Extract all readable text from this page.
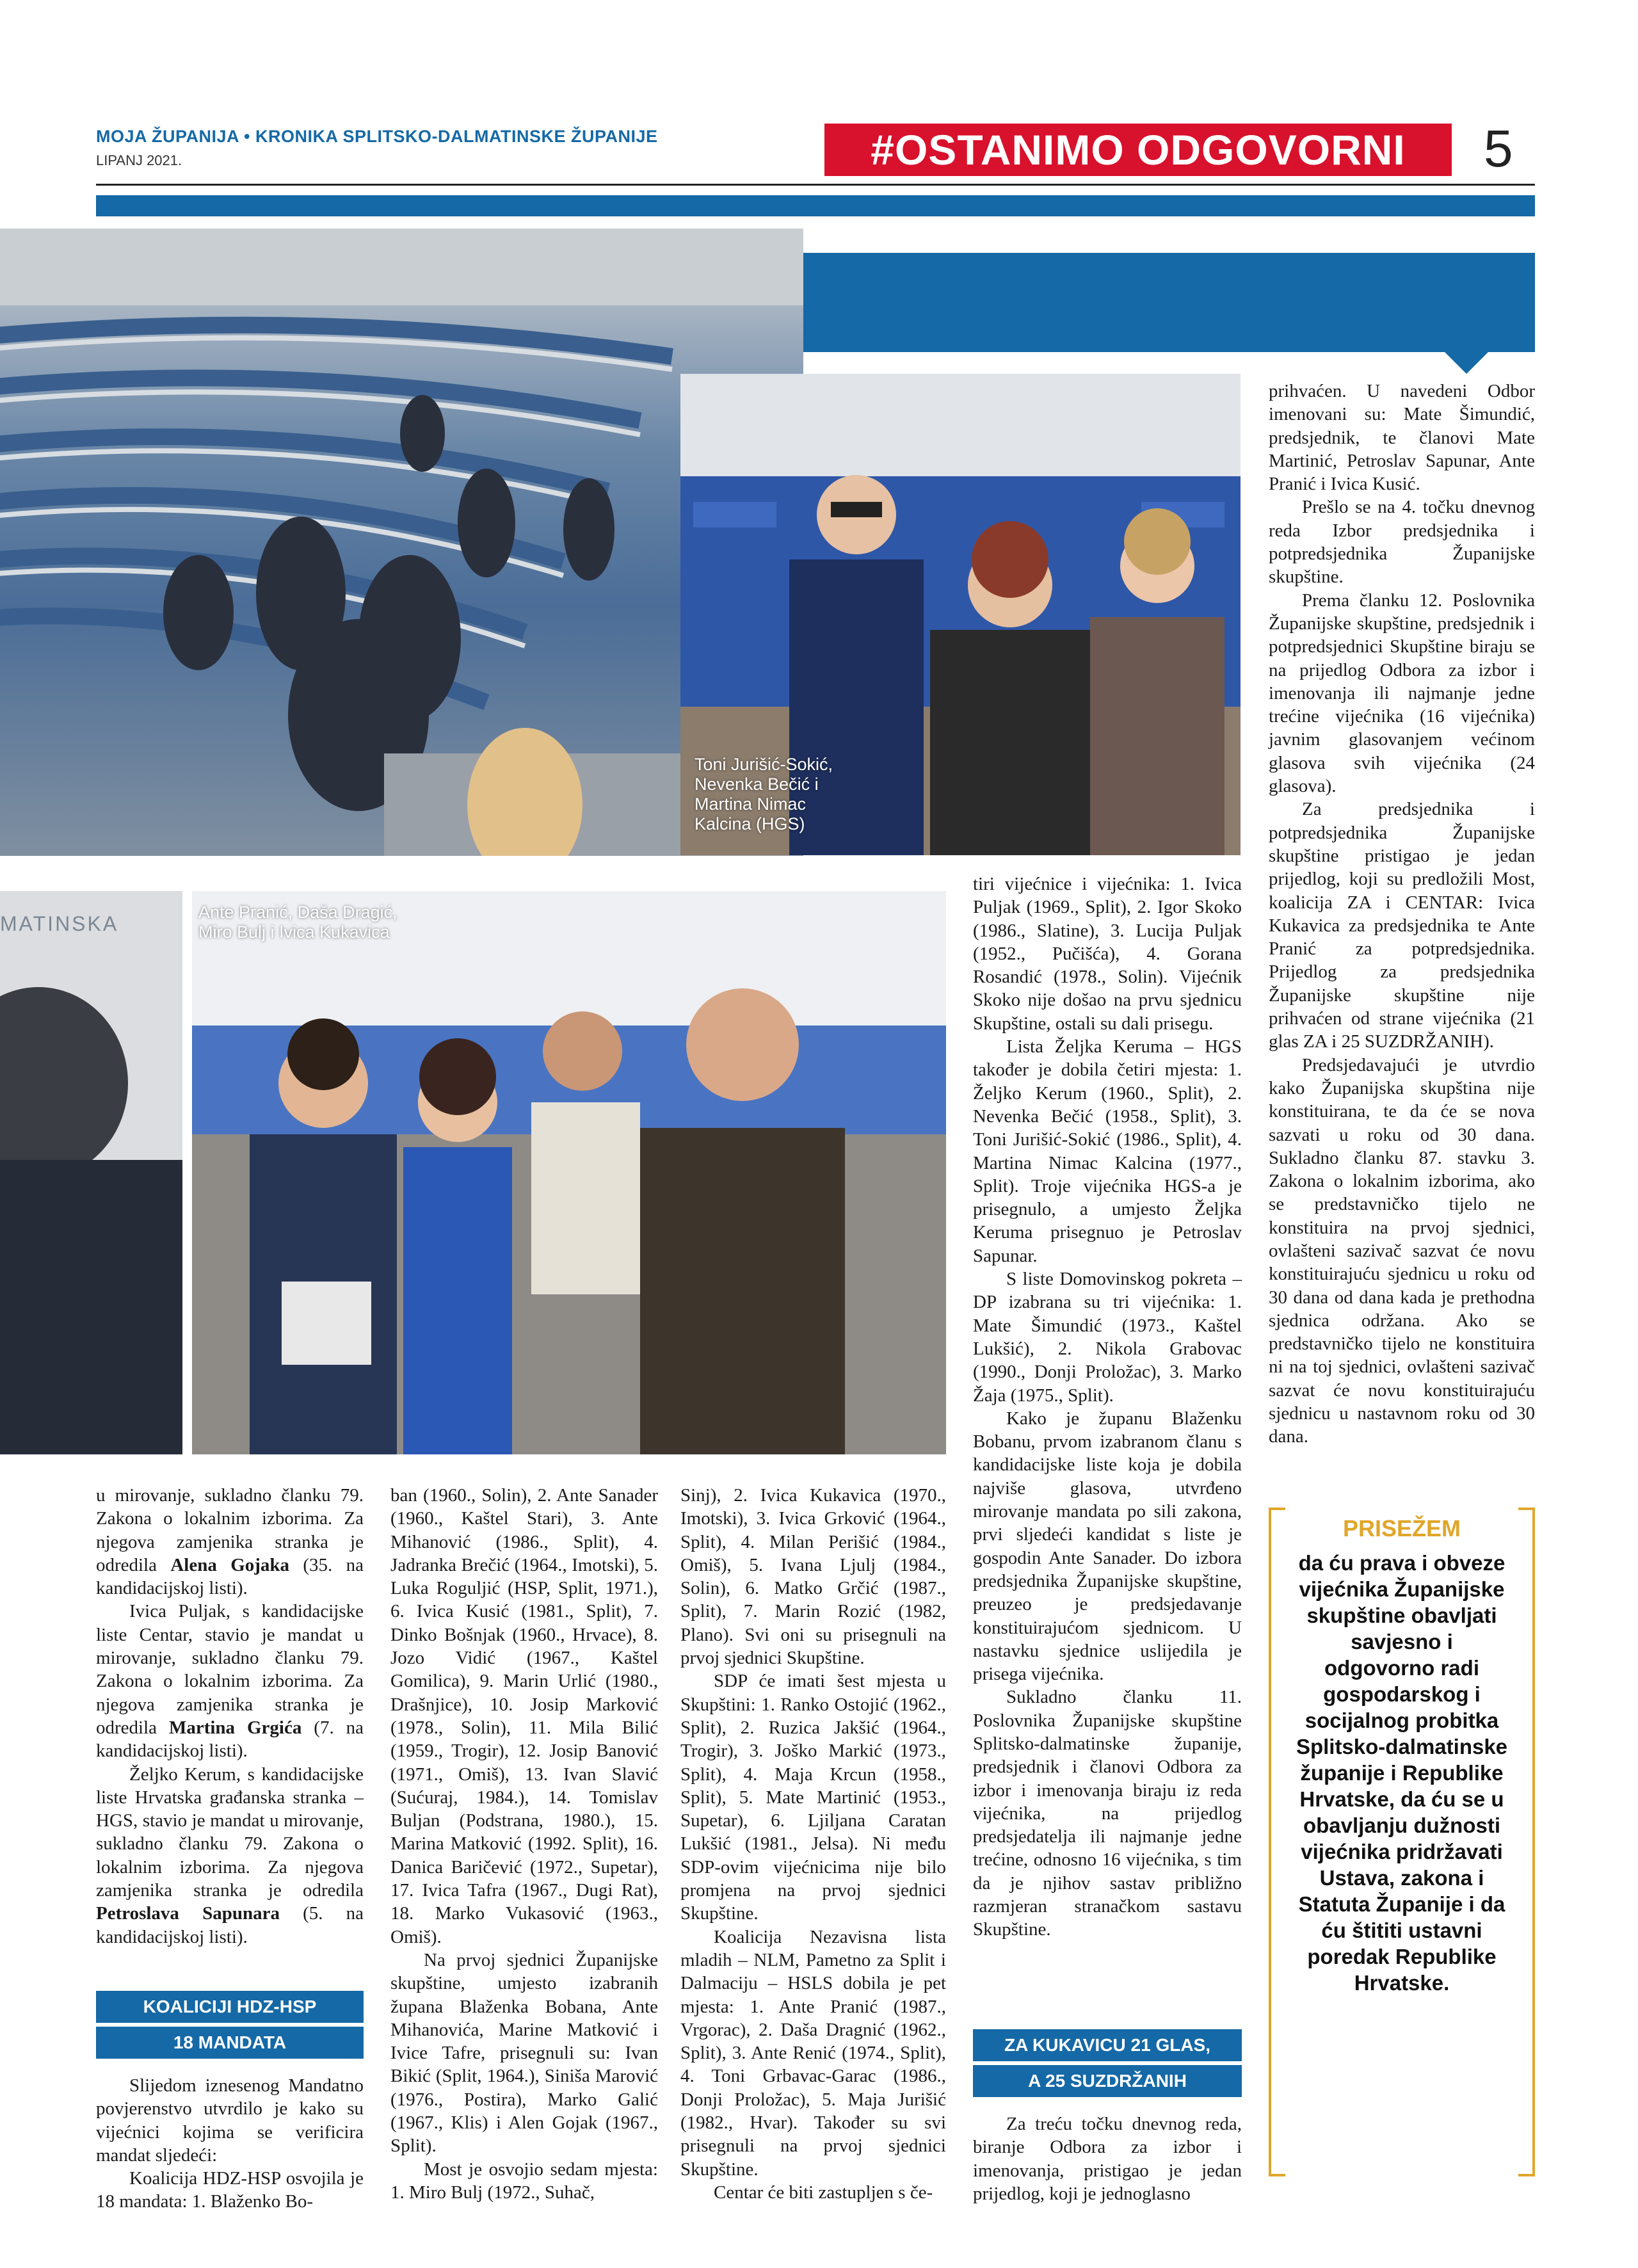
MOJA ŽUPANIJA • KRONIKA SPLITSKO-DALMATINSKE ŽUPANIJE
LIPANJ 2021.	#OSTANIMO ODGOVORNI	5
Toni Jurišić-Sokić, Nevenka Bečić i Martina Nimac Kalcina (HGS)
MATINSKA	Ante Pranić, Daša Dragić, Miro Bulj i Ivica Kukavica

u mirovanje, sukladno članku 79. Zakona o lokalnim izborima. Za njegova zamjenika stranka je odredila Alena Gojaka (35. na kandidacijskoj listi).

Ivica Puljak, s kandidacijske liste Centar, stavio je mandat u mirovanje, sukladno članku 79. Zakona o lokalnim izborima. Za njegova zamjenika stranka je odredila Martina Grgića (7. na kandidacijskoj listi).

Željko Kerum, s kandidacijske liste Hrvatska građanska stranka – HGS, stavio je mandat u mirovanje, sukladno članku 79. Zakona o lokalnim izborima. Za njegova zamjenika stranka je odredila Petroslava Sapunara (5. na kandidacijskoj listi).

KOALICIJI HDZ-HSP
18 MANDATA

Slijedom iznesenog Mandatno povjerenstvo utvrdilo je kako su vijećnici kojima se verificira mandat sljedeći:

Koalicija HDZ-HSP osvojila je 18 mandata: 1. Blaženko Bo-

ban (1960., Solin), 2. Ante Sanader (1960., Kaštel Stari), 3. Ante Mihanović (1986., Split), 4. Jadranka Brečić (1964., Imotski), 5. Luka Roguljić (HSP, Split, 1971.), 6. Ivica Kusić (1981., Split), 7. Dinko Bošnjak (1960., Hrvace), 8. Jozo Vidić (1967., Kaštel Gomilica), 9. Marin Urlić (1980., Drašnjice), 10. Josip Marković (1978., Solin), 11. Mila Bilić (1959., Trogir), 12. Josip Banović (1971., Omiš), 13. Ivan Slavić (Sućuraj, 1984.), 14. Tomislav Buljan (Podstrana, 1980.), 15. Marina Matković (1992. Split), 16. Danica Baričević (1972., Supetar), 17. Ivica Tafra (1967., Dugi Rat), 18. Marko Vukasović (1963., Omiš).

Na prvoj sjednici Županijske skupštine, umjesto izabranih župana Blaženka Bobana, Ante Mihanovića, Marine Matković i Ivice Tafre, prisegnuli su: Ivan Bikić (Split, 1964.), Siniša Marović (1976., Postira), Marko Galić (1967., Klis) i Alen Gojak (1967., Split).

Most je osvojio sedam mjesta: 1. Miro Bulj (1972., Suhač,

Sinj), 2. Ivica Kukavica (1970., Imotski), 3. Ivica Grković (1964., Split), 4. Milan Perišić (1984., Omiš), 5. Ivana Ljulj (1984., Solin), 6. Matko Grčić (1987., Split), 7. Marin Rozić (1982, Plano). Svi oni su prisegnuli na prvoj sjednici Skupštine.

SDP će imati šest mjesta u Skupštini: 1. Ranko Ostojić (1962., Split), 2. Ruzica Jakšić (1964., Trogir), 3. Joško Markić (1973., Split), 4. Maja Krcun (1958., Split), 5. Mate Martinić (1953., Supetar), 6. Ljiljana Caratan Lukšić (1981., Jelsa). Ni među SDP-ovim vijećnicima nije bilo promjena na prvoj sjednici Skupštine.

Koalicija Nezavisna lista mladih – NLM, Pametno za Split i Dalmaciju – HSLS dobila je pet mjesta: 1. Ante Pranić (1987., Vrgorac), 2. Daša Dragnić (1962., Split), 3. Ante Renić (1974., Split), 4. Toni Grbavac-Garac (1986., Donji Proložac), 5. Maja Jurišić (1982., Hvar). Također su svi prisegnuli na prvoj sjednici Skupštine.

Centar će biti zastupljen s če-

tiri vijećnice i vijećnika: 1. Ivica Puljak (1969., Split), 2. Igor Skoko (1986., Slatine), 3. Lucija Puljak (1952., Pučišća), 4. Gorana Rosandić (1978., Solin). Vijećnik Skoko nije došao na prvu sjednicu Skupštine, ostali su dali prisegu.

Lista Željka Keruma – HGS također je dobila četiri mjesta: 1. Željko Kerum (1960., Split), 2. Nevenka Bečić (1958., Split), 3. Toni Jurišić-Sokić (1986., Split), 4. Martina Nimac Kalcina (1977., Split). Troje vijećnika HGS-a je prisegnulo, a umjesto Željka Keruma prisegnuo je Petroslav Sapunar.

S liste Domovinskog pokreta – DP izabrana su tri vijećnika: 1. Mate Šimundić (1973., Kaštel Lukšić), 2. Nikola Grabovac (1990., Donji Proložac), 3. Marko Žaja (1975., Split).

Kako je županu Blaženku Bobanu, prvom izabranom članu s kandidacijske liste koja je dobila najviše glasova, utvrđeno mirovanje mandata po sili zakona, prvi sljedeći kandidat s liste je gospodin Ante Sanader. Do izbora predsjednika Županijske skupštine, preuzeo je predsjedavanje konstituirajućom sjednicom. U nastavku sjednice uslijedila je prisega vijećnika.

Sukladno članku 11. Poslovnika Županijske skupštine Splitsko-dalmatinske županije, predsjednik i članovi Odbora za izbor i imenovanja biraju iz reda vijećnika, na prijedlog predsjedatelja ili najmanje jedne trećine, odnosno 16 vijećnika, s tim da je njihov sastav približno razmjeran stranačkom sastavu Skupštine.

ZA KUKAVICU 21 GLAS,
A 25 SUZDRŽANIH

Za treću točku dnevnog reda, biranje Odbora za izbor i imenovanja, pristigao je jedan prijedlog, koji je jednoglasno

prihvaćen. U navedeni Odbor imenovani su: Mate Šimundić, predsjednik, te članovi Mate Martinić, Petroslav Sapunar, Ante Pranić i Ivica Kusić.

Prešlo se na 4. točku dnevnog reda Izbor predsjednika i potpredsjednika Županijske skupštine.

Prema članku 12. Poslovnika Županijske skupštine, predsjednik i potpredsjednici Skupštine biraju se na prijedlog Odbora za izbor i imenovanja ili najmanje jedne trećine vijećnika (16 vijećnika) javnim glasovanjem većinom glasova svih vijećnika (24 glasova).

Za predsjednika i potpredsjednika Županijske skupštine pristigao je jedan prijedlog, koji su predložili Most, koalicija ZA i CENTAR: Ivica Kukavica za predsjednika te Ante Pranić za potpredsjednika. Prijedlog za predsjednika Županijske skupštine nije prihvaćen od strane vijećnika (21 glas ZA i 25 SUZDRŽANIH).

Predsjedavajući je utvrdio kako Županijska skupština nije konstituirana, te da će se nova sazvati u roku od 30 dana. Sukladno članku 87. stavku 3. Zakona o lokalnim izborima, ako se predstavničko tijelo ne konstituira na prvoj sjednici, ovlašteni sazivač sazvat će novu konstituirajuću sjednicu u roku od 30 dana od dana kada je prethodna sjednica održana. Ako se predstavničko tijelo ne konstituira ni na toj sjednici, ovlašteni sazivač sazvat će novu konstituirajuću sjednicu u nastavnom roku od 30 dana.

PRISEŽEM
da ću prava i obveze vijećnika Županijske skupštine obavljati savjesno i odgovorno radi gospodarskog i socijalnog probitka Splitsko-dalmatinske županije i Republike Hrvatske, da ću se u obavljanju dužnosti vijećnika pridržavati Ustava, zakona i Statuta Županije i da ću štititi ustavni poredak Republike Hrvatske.
